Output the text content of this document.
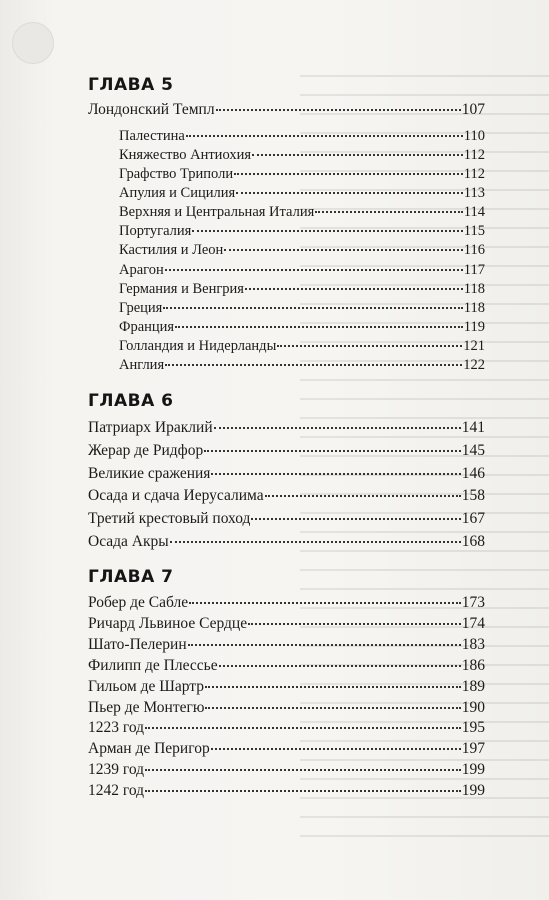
ГЛАВА 5
Лондонский Темпл	107
Палестина	110
Княжество Антиохия	112
Графство Триполи	112
Апулия и Сицилия	113
Верхняя и Центральная Италия	114
Португалия	115
Кастилия и Леон	116
Арагон	117
Германия и Венгрия	118
Греция	118
Франция	119
Голландия и Нидерланды	121
Англия	122
ГЛАВА 6
Патриарх Ираклий	141
Жерар де Ридфор	145
Великие сражения	146
Осада и сдача Иерусалима	158
Третий крестовый поход	167
Осада Акры	168
ГЛАВА 7
Робер де Сабле	173
Ричард Львиное Сердце	174
Шато-Пелерин	183
Филипп де Плессье	186
Гильом де Шартр	189
Пьер де Монтегю	190
1223 год	195
Арман де Перигор	197
1239 год	199
1242 год	199
